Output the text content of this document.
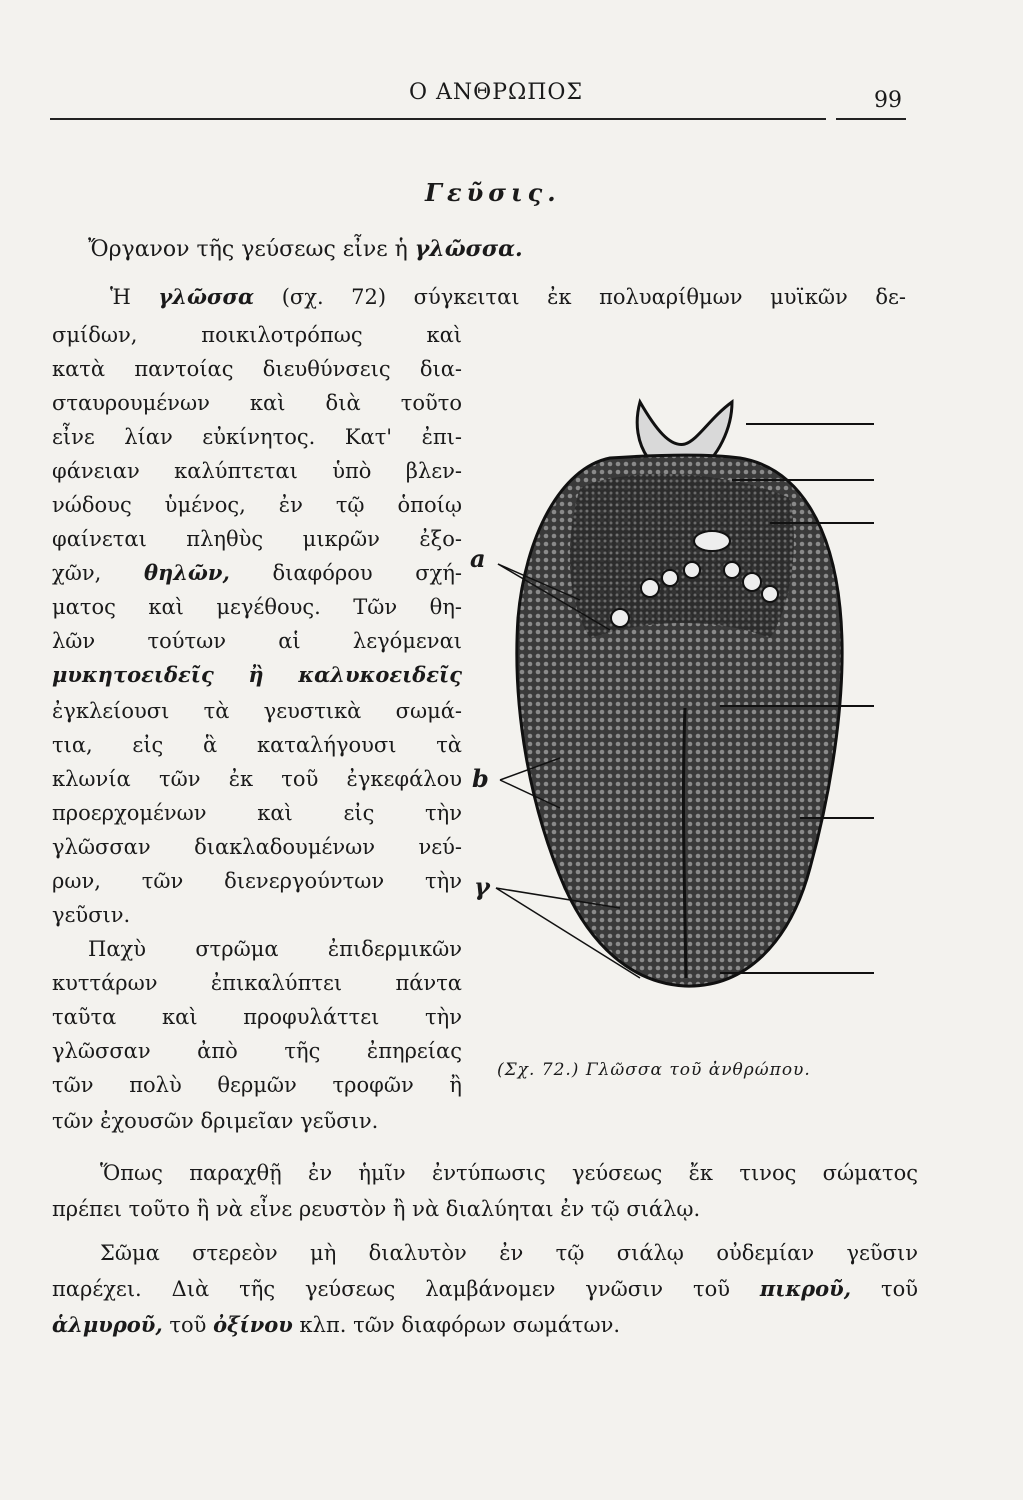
Ο ΑΝΘΡΩΠΟΣ	99
Γεῦσις.
Ὄργανον τῆς γεύσεως εἶνε ἡ γλῶσσα.
Ἡ γλῶσσα (σχ. 72) σύγκειται ἐκ πολυαρίθμων μυϊκῶν δε-
σμίδων, ποικιλοτρόπως καὶ
κατὰ παντοίας διευθύνσεις δια-
σταυρουμένων καὶ διὰ τοῦτο
εἶνε λίαν εὐκίνητος. Κατ' ἐπι-
φάνειαν καλύπτεται ὑπὸ βλεν-
νώδους ὑμένος, ἐν τῷ ὁποίῳ
φαίνεται πληθὺς μικρῶν ἐξο-
χῶν, θηλῶν, διαφόρου σχή-
ματος καὶ μεγέθους. Τῶν θη-
λῶν τούτων αἱ λεγόμεναι
μυκητοειδεῖς ἢ καλυκοειδεῖς
ἐγκλείουσι τὰ γευστικὰ σωμά-
τια, εἰς ἃ καταλήγουσι τὰ
κλωνία τῶν ἐκ τοῦ ἐγκεφάλου
προερχομένων καὶ εἰς τὴν
γλῶσσαν διακλαδουμένων νεύ-
ρων, τῶν διενεργούντων τὴν
γεῦσιν.
Παχὺ στρῶμα ἐπιδερμικῶν
κυττάρων ἐπικαλύπτει πάντα
ταῦτα καὶ προφυλάττει τὴν
γλῶσσαν ἀπὸ τῆς ἐπηρείας
τῶν πολὺ θερμῶν τροφῶν ἢ
τῶν ἐχουσῶν δριμεῖαν γεῦσιν.
Ὅπως παραχθῇ ἐν ἡμῖν ἐντύπωσις γεύσεως ἔκ τινος σώματος
πρέπει τοῦτο ἢ νὰ εἶνε ρευστὸν ἢ νὰ διαλύηται ἐν τῷ σιάλῳ.
Σῶμα στερεὸν μὴ διαλυτὸν ἐν τῷ σιάλῳ οὐδεμίαν γεῦσιν
παρέχει. Διὰ τῆς γεύσεως λαμβάνομεν γνῶσιν τοῦ πικροῦ, τοῦ
ἁλμυροῦ, τοῦ ὀξίνου κλπ. τῶν διαφόρων σωμάτων.
a
b
γ
(Σχ. 72.) Γλῶσσα τοῦ ἀνθρώπου.
